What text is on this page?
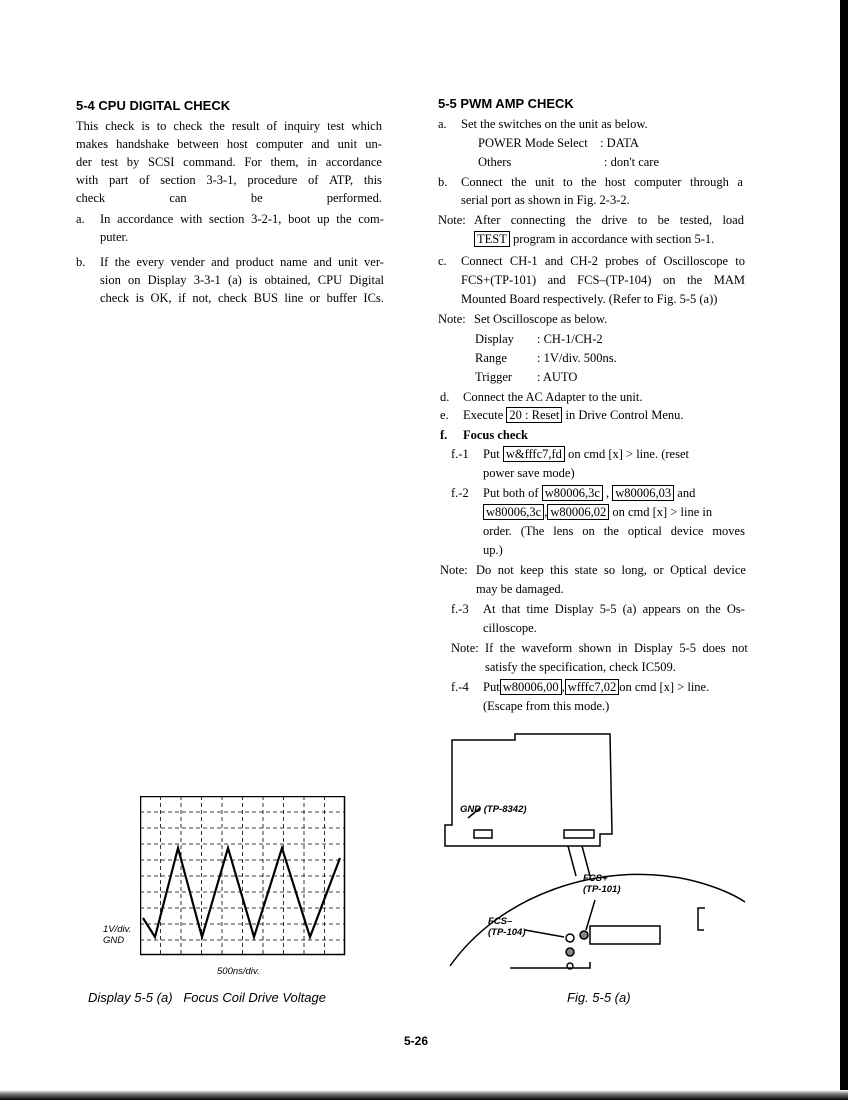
5-4 CPU DIGITAL CHECK
This check is to check the result of inquiry test which
makes handshake between host computer and unit un-
der test by SCSI command. For them, in accordance
with part of section 3-3-1, procedure of ATP, this
check	can	be	performed.
a. In accordance with section 3-2-1, boot up the com-
puter.
b. If the every vender and product name and unit ver-
sion on Display 3-3-1 (a) is obtained, CPU Digital
check is OK, if not, check BUS line or buffer ICs.
5-5 PWM AMP CHECK
a. Set the switches on the unit as below.
POWER Mode Select : DATA
Others	: don't care
b. Connect the unit to the host computer through a
serial port as shown in Fig. 2-3-2.
Note: After connecting the drive to be tested, load
TEST program in accordance with section 5-1.
c. Connect CH-1 and CH-2 probes of Oscilloscope to
FCS+(TP-101) and FCS–(TP-104) on the MAM
Mounted Board respectively. (Refer to Fig. 5-5 (a))
Note: Set Oscilloscope as below.
Display : CH-1/CH-2
Range : 1V/div. 500ns.
Trigger : AUTO
d. Connect the AC Adapter to the unit.
e. Execute 20 : Reset in Drive Control Menu.
f. Focus check
f.-1 Put w&fffc7,fd on cmd [x] > line. (reset
power save mode)
f.-2 Put both of w80006,3c , w80006,03 and
w80006,3c , w80006,02 on cmd [x] > line in
order. (The lens on the optical device moves
up.)
Note: Do not keep this state so long, or Optical device
may be damaged.
f.-3 At that time Display 5-5 (a) appears on the Os-
cilloscope.
Note: If the waveform shown in Display 5-5 does not
satisfy the specification, check IC509.
f.-4 Put w80006,00 , wfffc7,02 on cmd [x] > line.
(Escape from this mode.)
1V/div.
GND
500ns/div.
Display 5-5 (a)   Focus Coil Drive Voltage
GND (TP-8342)
FCS+
(TP-101)
FCS–
(TP-104)
Fig. 5-5 (a)
5-26
